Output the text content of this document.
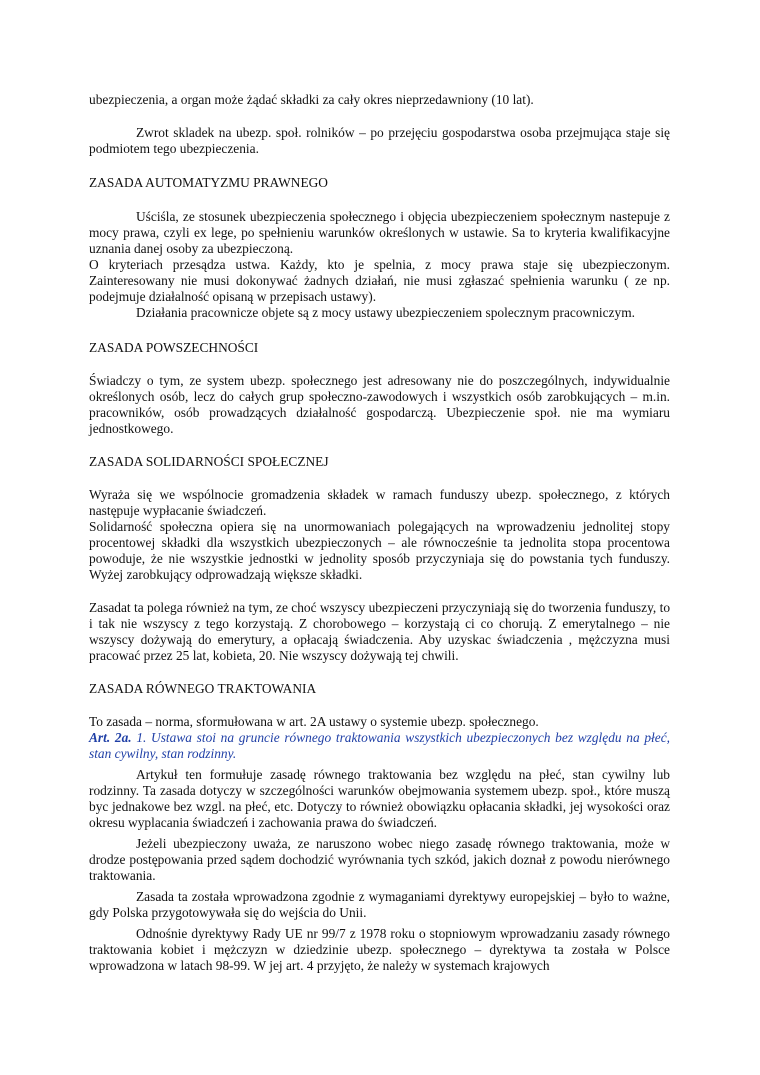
ubezpieczenia, a organ może żądać składki za cały okres nieprzedawniony (10 lat).

Zwrot skladek na ubezp. społ. rolników – po przejęciu gospodarstwa osoba przejmująca staje się podmiotem tego ubezpieczenia.

ZASADA AUTOMATYZMU PRAWNEGO

Uściśla, ze stosunek ubezpieczenia społecznego i objęcia ubezpieczeniem społecznym nastepuje z mocy prawa, czyli ex lege, po spełnieniu warunków określonych w ustawie. Sa to kryteria kwalifikacyjne uznania danej osoby za ubezpieczoną.

O kryteriach przesądza ustwa. Każdy, kto je spelnia, z mocy prawa staje się ubezpieczonym. Zainteresowany nie musi dokonywać żadnych działań, nie musi zgłaszać spełnienia warunku ( ze np. podejmuje działalność opisaną w przepisach ustawy).

Działania pracownicze objete są z mocy ustawy ubezpieczeniem spolecznym pracowniczym.

ZASADA POWSZECHNOŚCI

Świadczy o tym, ze system ubezp. społecznego jest adresowany nie do poszczególnych, indywidualnie określonych osób, lecz do całych grup społeczno-zawodowych i wszystkich osób zarobkujących – m.in. pracowników, osób prowadzących działalność gospodarczą. Ubezpieczenie społ. nie ma wymiaru jednostkowego.

ZASADA SOLIDARNOŚCI SPOŁECZNEJ

Wyraża się we wspólnocie gromadzenia składek w ramach funduszy ubezp. społecznego, z których następuje wypłacanie świadczeń.

Solidarność społeczna opiera się na unormowaniach polegających na wprowadzeniu jednolitej stopy procentowej składki dla wszystkich ubezpieczonych – ale równocześnie ta jednolita stopa procentowa powoduje, że nie wszystkie jednostki w jednolity sposób przyczyniaja się do powstania tych funduszy. Wyżej zarobkujący odprowadzają większe składki.

Zasadat ta polega również na tym, ze choć wszyscy ubezpieczeni przyczyniają się do tworzenia funduszy, to i tak nie wszyscy z tego korzystają. Z chorobowego – korzystają ci co chorują. Z emerytalnego – nie wszyscy dożywają do emerytury, a opłacają świadczenia. Aby uzyskac świadczenia , mężczyzna musi pracować przez 25 lat, kobieta, 20. Nie wszyscy dożywają tej chwili.

ZASADA RÓWNEGO TRAKTOWANIA

To zasada – norma, sformułowana w art. 2A ustawy o systemie ubezp. społecznego.

Art. 2a. 1. Ustawa stoi na gruncie równego traktowania wszystkich ubezpieczonych bez względu na płeć, stan cywilny, stan rodzinny.

Artykuł ten formułuje zasadę równego traktowania bez względu na płeć, stan cywilny lub rodzinny. Ta zasada dotyczy w szczególności warunków obejmowania systemem ubezp. społ., które muszą byc jednakowe bez wzgl. na płeć, etc. Dotyczy to również obowiązku opłacania składki, jej wysokości oraz okresu wyplacania świadczeń i zachowania prawa do świadczeń.

Jeżeli ubezpieczony uważa, ze naruszono wobec niego zasadę równego traktowania, może w drodze postępowania przed sądem dochodzić wyrównania tych szkód, jakich doznał z powodu nierównego traktowania.

Zasada ta została wprowadzona zgodnie z wymaganiami dyrektywy europejskiej – było to ważne, gdy Polska przygotowywała się do wejścia do Unii.

Odnośnie dyrektywy Rady UE nr 99/7 z 1978 roku o stopniowym wprowadzaniu zasady równego traktowania kobiet i mężczyzn w dziedzinie ubezp. społecznego – dyrektywa ta została w Polsce wprowadzona w latach 98-99. W jej art. 4 przyjęto, że należy w systemach krajowych
